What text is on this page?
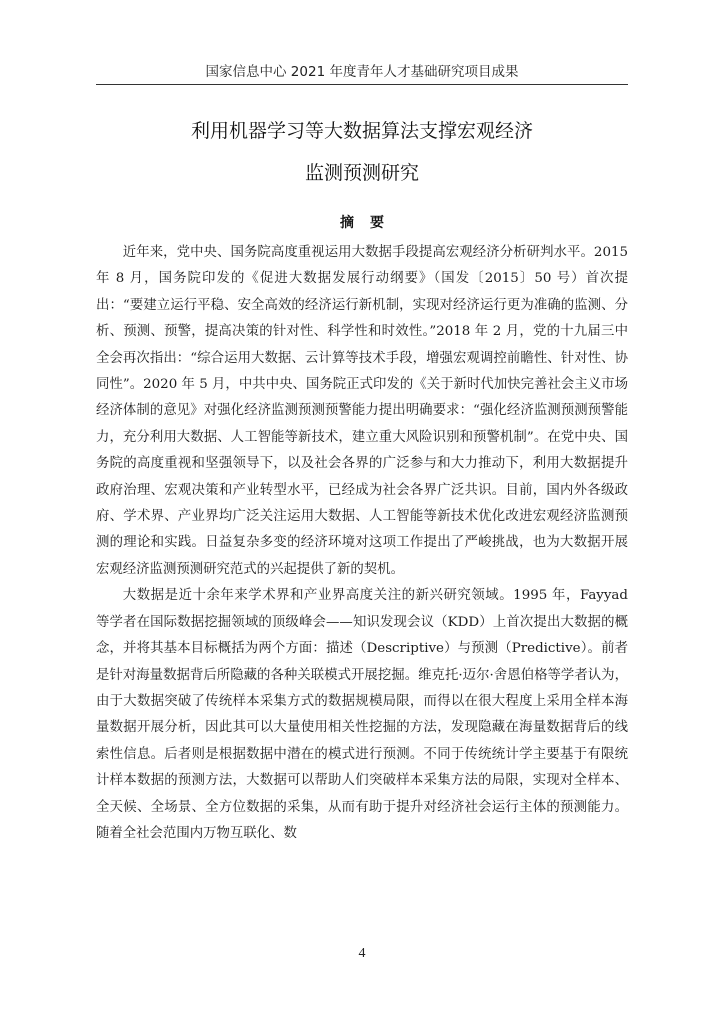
国家信息中心 2021 年度青年人才基础研究项目成果
利用机器学习等大数据算法支撑宏观经济
监测预测研究
摘要

近年来，党中央、国务院高度重视运用大数据手段提高宏观经济分析研判水平。2015 年 8 月，国务院印发的《促进大数据发展行动纲要》（国发〔2015〕50 号）首次提出：“要建立运行平稳、安全高效的经济运行新机制，实现对经济运行更为准确的监测、分析、预测、预警，提高决策的针对性、科学性和时效性。”2018 年 2 月，党的十九届三中全会再次指出：“综合运用大数据、云计算等技术手段，增强宏观调控前瞻性、针对性、协同性”。2020 年 5 月，中共中央、国务院正式印发的《关于新时代加快完善社会主义市场经济体制的意见》对强化经济监测预测预警能力提出明确要求：“强化经济监测预测预警能力，充分利用大数据、人工智能等新技术，建立重大风险识别和预警机制”。在党中央、国务院的高度重视和坚强领导下，以及社会各界的广泛参与和大力推动下，利用大数据提升政府治理、宏观决策和产业转型水平，已经成为社会各界广泛共识。目前，国内外各级政府、学术界、产业界均广泛关注运用大数据、人工智能等新技术优化改进宏观经济监测预测的理论和实践。日益复杂多变的经济环境对这项工作提出了严峻挑战，也为大数据开展宏观经济监测预测研究范式的兴起提供了新的契机。

大数据是近十余年来学术界和产业界高度关注的新兴研究领域。1995 年，Fayyad 等学者在国际数据挖掘领域的顶级峰会——知识发现会议（KDD）上首次提出大数据的概念，并将其基本目标概括为两个方面：描述（Descriptive）与预测（Predictive）。前者是针对海量数据背后所隐藏的各种关联模式开展挖掘。维克托·迈尔·舍恩伯格等学者认为，由于大数据突破了传统样本采集方式的数据规模局限，而得以在很大程度上采用全样本海量数据开展分析，因此其可以大量使用相关性挖掘的方法，发现隐藏在海量数据背后的线索性信息。后者则是根据数据中潜在的模式进行预测。不同于传统统计学主要基于有限统计样本数据的预测方法，大数据可以帮助人们突破样本采集方法的局限，实现对全样本、全天候、全场景、全方位数据的采集，从而有助于提升对经济社会运行主体的预测能力。随着全社会范围内万物互联化、数

4
